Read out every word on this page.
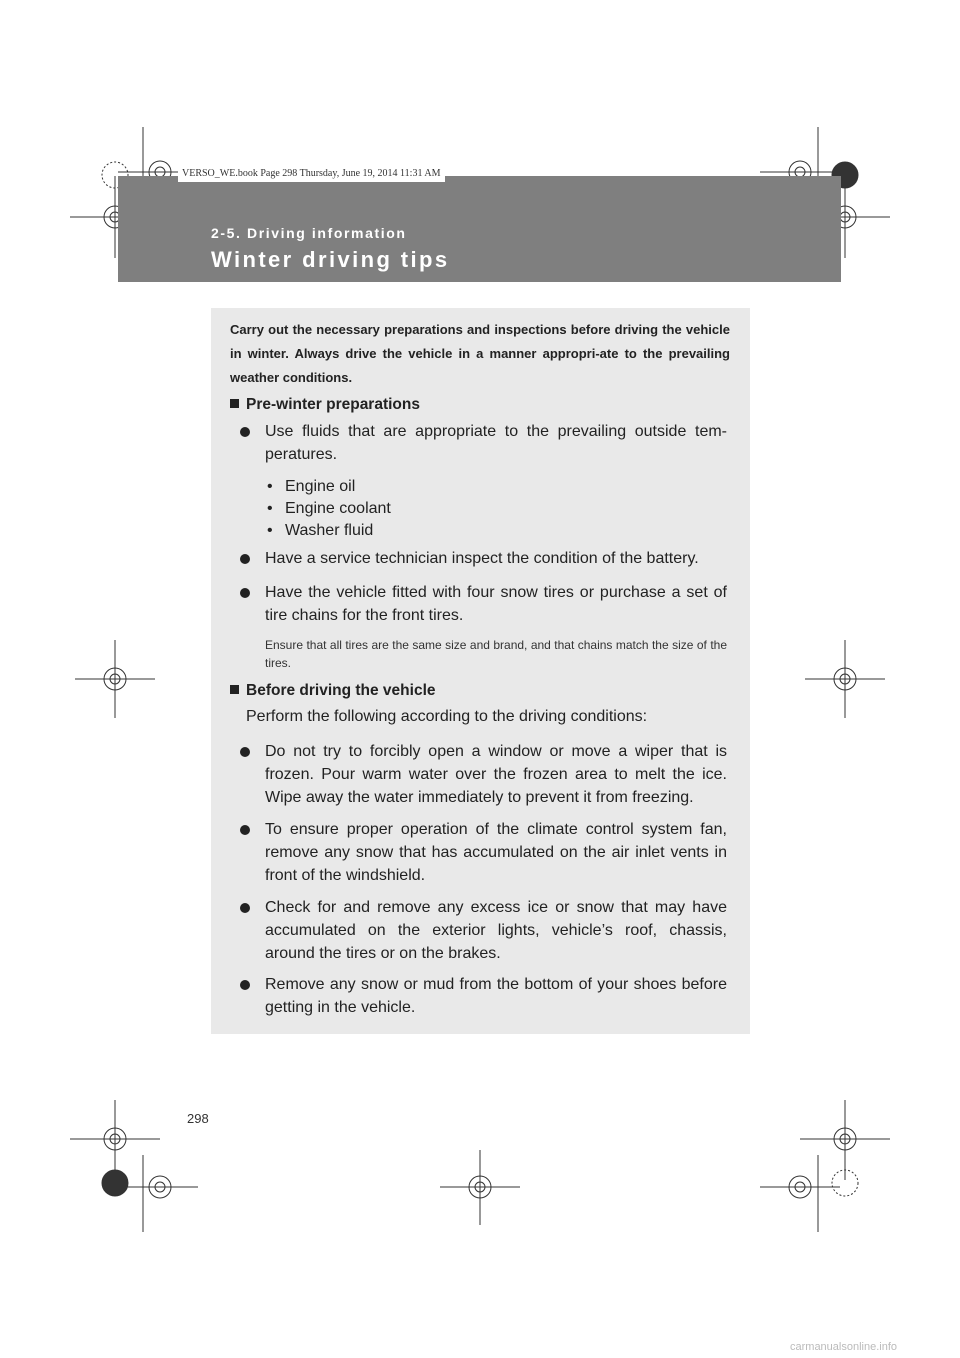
VERSO_WE.book Page 298 Thursday, June 19, 2014 11:31 AM
2-5. Driving information
Winter driving tips
Carry out the necessary preparations and inspections before driving the vehicle in winter. Always drive the vehicle in a manner appropri-ate to the prevailing weather conditions.
Pre-winter preparations
Use fluids that are appropriate to the prevailing outside tem-peratures.
• Engine oil
• Engine coolant
• Washer fluid
Have a service technician inspect the condition of the battery.
Have the vehicle fitted with four snow tires or purchase a set of tire chains for the front tires.
Ensure that all tires are the same size and brand, and that chains match the size of the tires.
Before driving the vehicle
Perform the following according to the driving conditions:
Do not try to forcibly open a window or move a wiper that is frozen. Pour warm water over the frozen area to melt the ice. Wipe away the water immediately to prevent it from freezing.
To ensure proper operation of the climate control system fan, remove any snow that has accumulated on the air inlet vents in front of the windshield.
Check for and remove any excess ice or snow that may have accumulated on the exterior lights, vehicle’s roof, chassis, around the tires or on the brakes.
Remove any snow or mud from the bottom of your shoes before getting in the vehicle.
298
carmanualsonline.info
